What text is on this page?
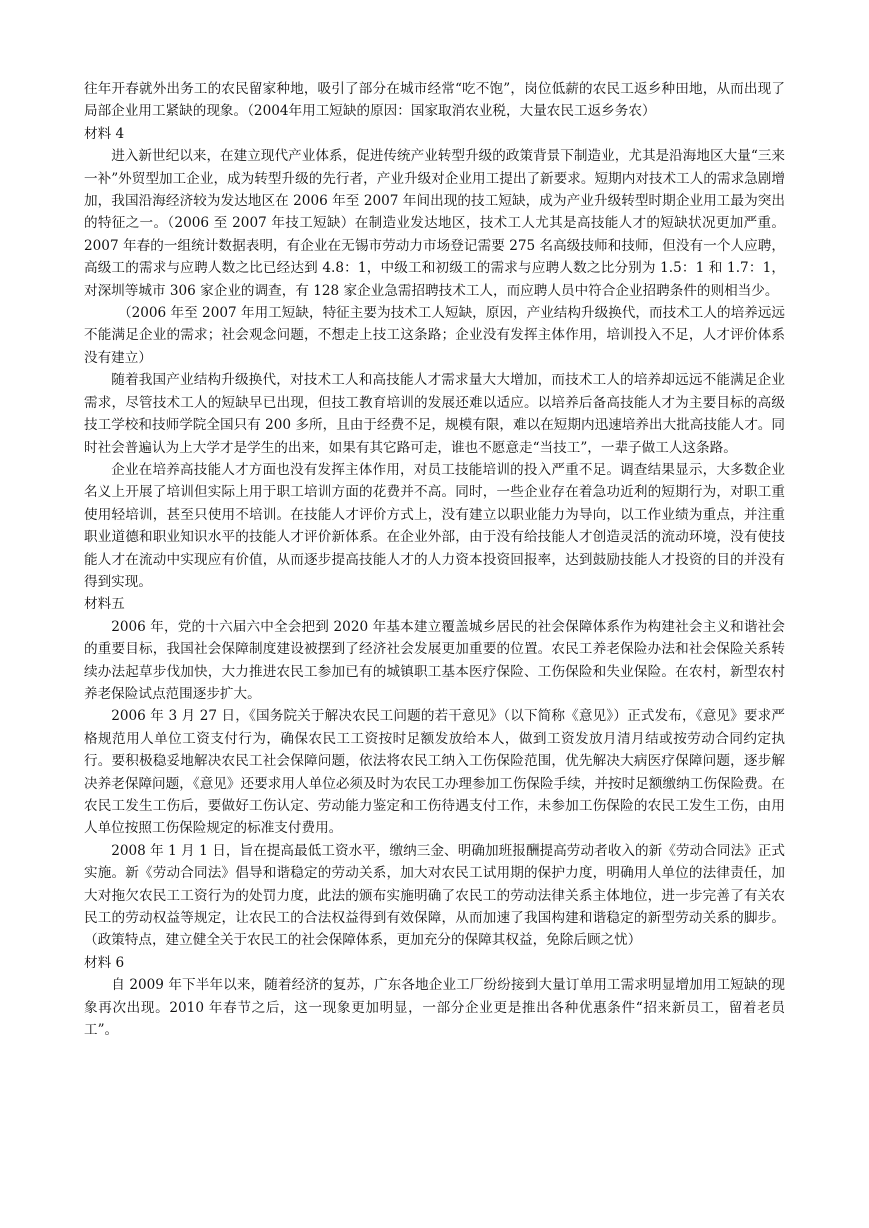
往年开春就外出务工的农民留家种地，吸引了部分在城市经常“吃不饱”，岗位低薪的农民工返乡种田地，从而出现了局部企业用工紧缺的现象。（2004年用工短缺的原因：国家取消农业税，大量农民工返乡务农）

材料 4

进入新世纪以来，在建立现代产业体系，促进传统产业转型升级的政策背景下制造业，尤其是沿海地区大量“三来一补”外贸型加工企业，成为转型升级的先行者，产业升级对企业用工提出了新要求。短期内对技术工人的需求急剧增加，我国沿海经济较为发达地区在 2006 年至 2007 年间出现的技工短缺，成为产业升级转型时期企业用工最为突出的特征之一。（2006 至 2007 年技工短缺）在制造业发达地区，技术工人尤其是高技能人才的短缺状况更加严重。2007 年春的一组统计数据表明，有企业在无锡市劳动力市场登记需要 275 名高级技师和技师，但没有一个人应聘，高级工的需求与应聘人数之比已经达到 4.8：1，中级工和初级工的需求与应聘人数之比分别为 1.5：1 和 1.7：1，对深圳等城市 306 家企业的调查，有 128 家企业急需招聘技术工人，而应聘人员中符合企业招聘条件的则相当少。

（2006 年至 2007 年用工短缺，特征主要为技术工人短缺，原因，产业结构升级换代，而技术工人的培养远远不能满足企业的需求；社会观念问题，不想走上技工这条路；企业没有发挥主体作用，培训投入不足，人才评价体系没有建立）

随着我国产业结构升级换代，对技术工人和高技能人才需求量大大增加，而技术工人的培养却远远不能满足企业需求，尽管技术工人的短缺早已出现，但技工教育培训的发展还难以适应。以培养后备高技能人才为主要目标的高级技工学校和技师学院全国只有 200 多所，且由于经费不足，规模有限，难以在短期内迅速培养出大批高技能人才。同时社会普遍认为上大学才是学生的出来，如果有其它路可走，谁也不愿意走“当技工”，一辈子做工人这条路。

企业在培养高技能人才方面也没有发挥主体作用，对员工技能培训的投入严重不足。调查结果显示，大多数企业名义上开展了培训但实际上用于职工培训方面的花费并不高。同时，一些企业存在着急功近利的短期行为，对职工重使用轻培训，甚至只使用不培训。在技能人才评价方式上，没有建立以职业能力为导向，以工作业绩为重点，并注重职业道德和职业知识水平的技能人才评价新体系。在企业外部，由于没有给技能人才创造灵活的流动环境，没有使技能人才在流动中实现应有价值，从而逐步提高技能人才的人力资本投资回报率，达到鼓励技能人才投资的目的并没有得到实现。

材料五

2006 年，党的十六届六中全会把到 2020 年基本建立覆盖城乡居民的社会保障体系作为构建社会主义和谐社会的重要目标，我国社会保障制度建设被摆到了经济社会发展更加重要的位置。农民工养老保险办法和社会保险关系转续办法起草步伐加快，大力推进农民工参加已有的城镇职工基本医疗保险、工伤保险和失业保险。在农村，新型农村养老保险试点范围逐步扩大。

2006 年 3 月 27 日，《国务院关于解决农民工问题的若干意见》（以下简称《意见》）正式发布，《意见》要求严格规范用人单位工资支付行为，确保农民工工资按时足额发放给本人，做到工资发放月清月结或按劳动合同约定执行。要积极稳妥地解决农民工社会保障问题，依法将农民工纳入工伤保险范围，优先解决大病医疗保障问题，逐步解决养老保障问题，《意见》还要求用人单位必须及时为农民工办理参加工伤保险手续，并按时足额缴纳工伤保险费。在农民工发生工伤后，要做好工伤认定、劳动能力鉴定和工伤待遇支付工作，未参加工伤保险的农民工发生工伤，由用人单位按照工伤保险规定的标准支付费用。

2008 年 1 月 1 日，旨在提高最低工资水平，缴纳三金、明确加班报酬提高劳动者收入的新《劳动合同法》正式实施。新《劳动合同法》倡导和谐稳定的劳动关系，加大对农民工试用期的保护力度，明确用人单位的法律责任，加大对拖欠农民工工资行为的处罚力度，此法的颁布实施明确了农民工的劳动法律关系主体地位，进一步完善了有关农民工的劳动权益等规定，让农民工的合法权益得到有效保障，从而加速了我国构建和谐稳定的新型劳动关系的脚步。（政策特点，建立健全关于农民工的社会保障体系，更加充分的保障其权益，免除后顾之忧）

材料 6

自 2009 年下半年以来，随着经济的复苏，广东各地企业工厂纷纷接到大量订单用工需求明显增加用工短缺的现象再次出现。2010 年春节之后，这一现象更加明显，一部分企业更是推出各种优惠条件“招来新员工，留着老员工”。
